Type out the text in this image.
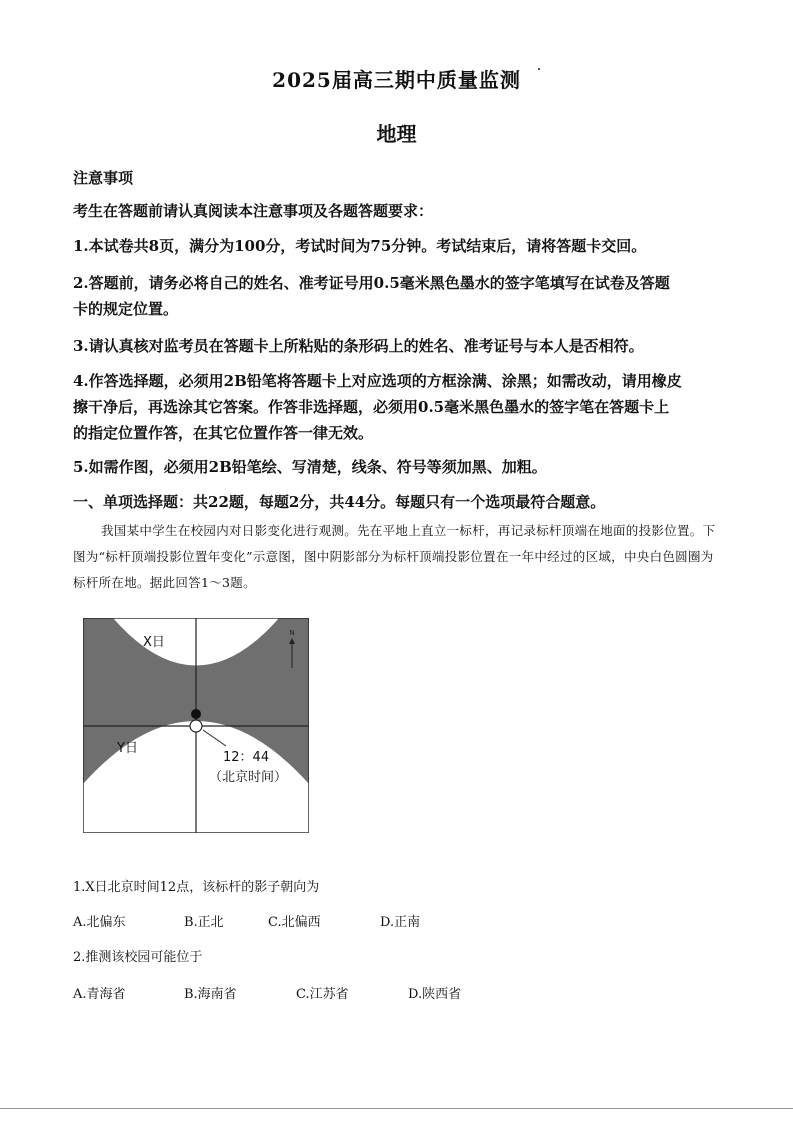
2025届高三期中质量监测
地理

注意事项

考生在答题前请认真阅读本注意事项及各题答题要求：

1.本试卷共8页，满分为100分，考试时间为75分钟。考试结束后，请将答题卡交回。

2.答题前，请务必将自己的姓名、准考证号用0.5毫米黑色墨水的签字笔填写在试卷及答题

卡的规定位置。

3.请认真核对监考员在答题卡上所粘贴的条形码上的姓名、准考证号与本人是否相符。

4.作答选择题，必须用2B铅笔将答题卡上对应选项的方框涂满、涂黑；如需改动，请用橡皮

擦干净后，再选涂其它答案。作答非选择题，必须用0.5毫米黑色墨水的签字笔在答题卡上

的指定位置作答，在其它位置作答一律无效。

5.如需作图，必须用2B铅笔绘、写清楚，线条、符号等须加黑、加粗。

一、单项选择题：共22题，每题2分，共44分。每题只有一个选项最符合题意。

我国某中学生在校园内对日影变化进行观测。先在平地上直立一标杆，再记录标杆顶端在地面的投影位置。下图为“标杆顶端投影位置年变化”示意图，图中阴影部分为标杆顶端投影位置在一年中经过的区域，中央白色圆圈为标杆所在地。据此回答1～3题。
N
X日
Y日
12：44
（北京时间）
1.X日北京时间12点，该标杆的影子朝向为
A.北偏东	B.正北	C.北偏西	D.正南
2.推测该校园可能位于
A.青海省	B.海南省	C.江苏省	D.陕西省
